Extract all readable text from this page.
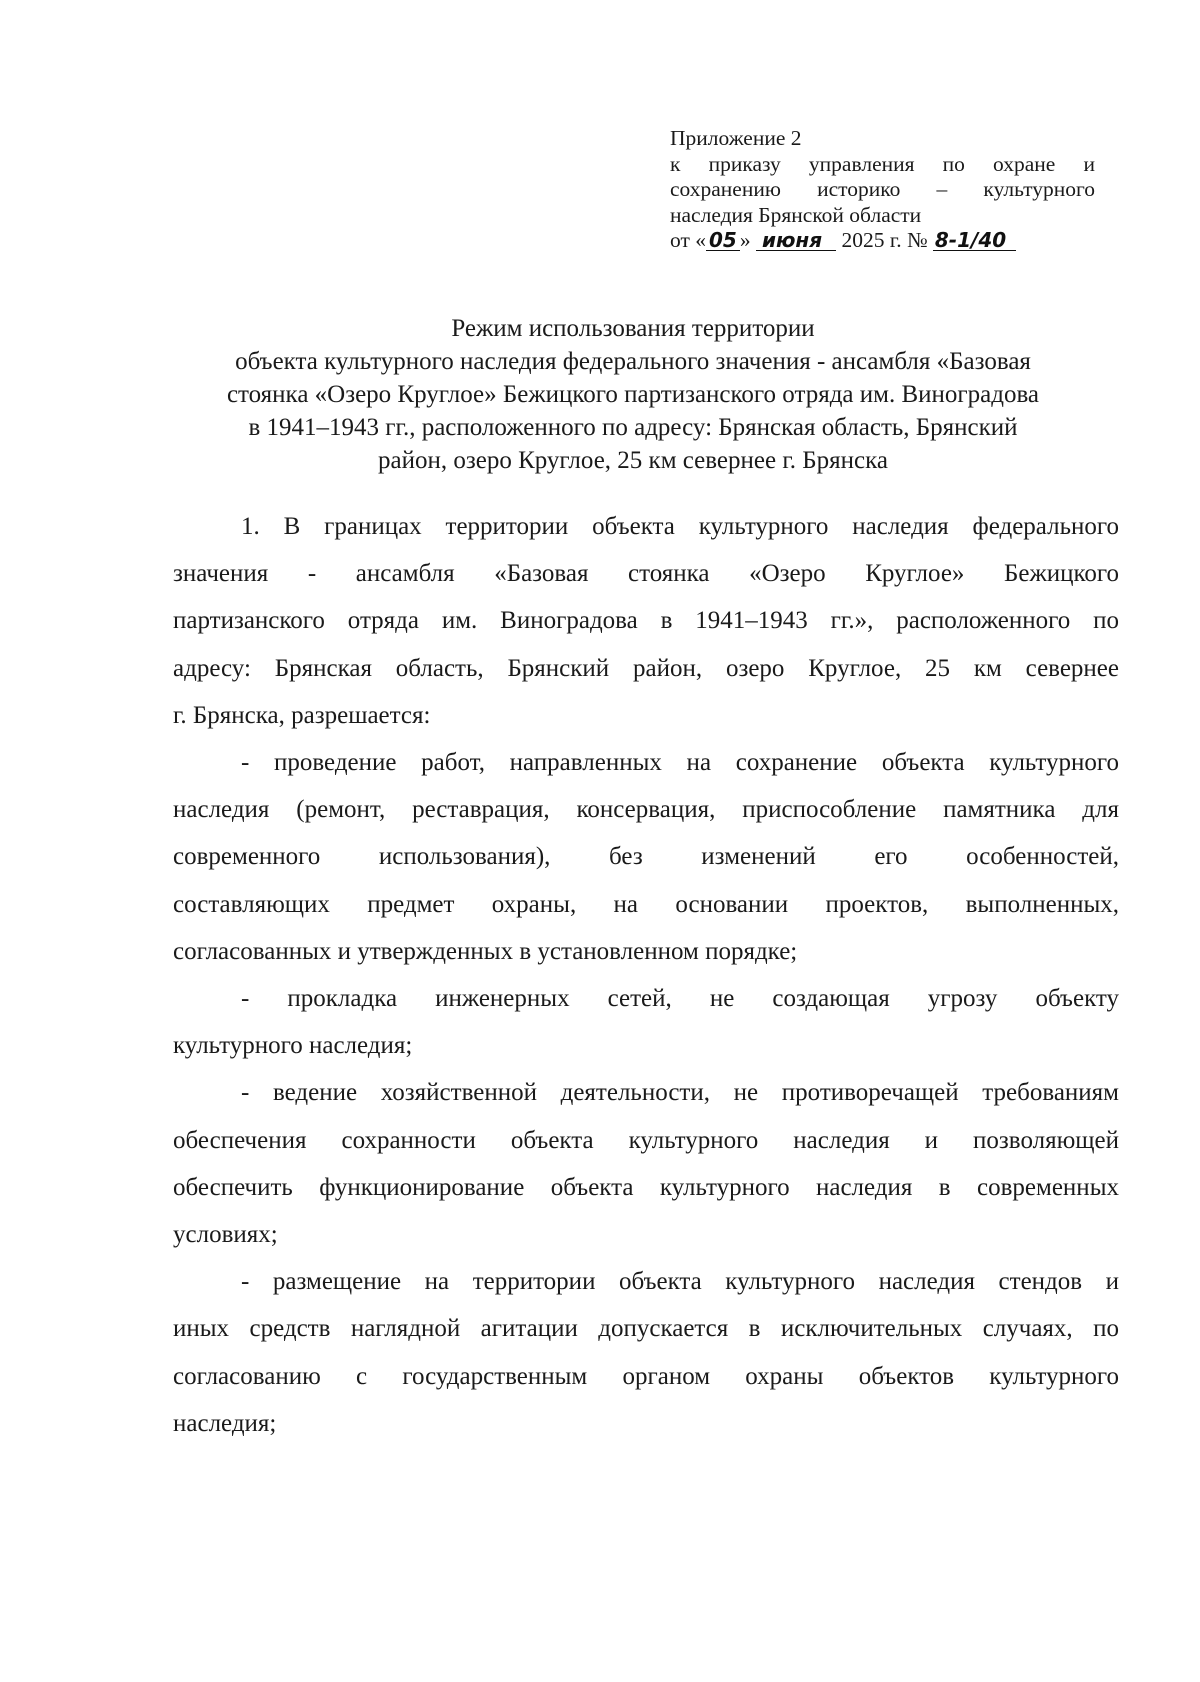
Приложение 2
к приказу управления по охране и
сохранению историко – культурного
наследия Брянской области
от « 05 » июня 2025 г. № 8-1/40
Режим использования территории
объекта культурного наследия федерального значения - ансамбля «Базовая
стоянка «Озеро Круглое» Бежицкого партизанского отряда им. Виноградова
в 1941–1943 гг., расположенного по адресу: Брянская область, Брянский
район, озеро Круглое, 25 км севернее г. Брянска

1. В границах территории объекта культурного наследия федерального
значения - ансамбля «Базовая стоянка «Озеро Круглое» Бежицкого
партизанского отряда им. Виноградова в 1941–1943 гг.», расположенного по
адресу: Брянская область, Брянский район, озеро Круглое, 25 км севернее
г. Брянска, разрешается:

- проведение работ, направленных на сохранение объекта культурного
наследия (ремонт, реставрация, консервация, приспособление памятника для
современного использования), без изменений его особенностей,
составляющих предмет охраны, на основании проектов, выполненных,
согласованных и утвержденных в установленном порядке;

- прокладка инженерных сетей, не создающая угрозу объекту
культурного наследия;

- ведение хозяйственной деятельности, не противоречащей требованиям
обеспечения сохранности объекта культурного наследия и позволяющей
обеспечить функционирование объекта культурного наследия в современных
условиях;

- размещение на территории объекта культурного наследия стендов и
иных средств наглядной агитации допускается в исключительных случаях, по
согласованию с государственным органом охраны объектов культурного
наследия;
